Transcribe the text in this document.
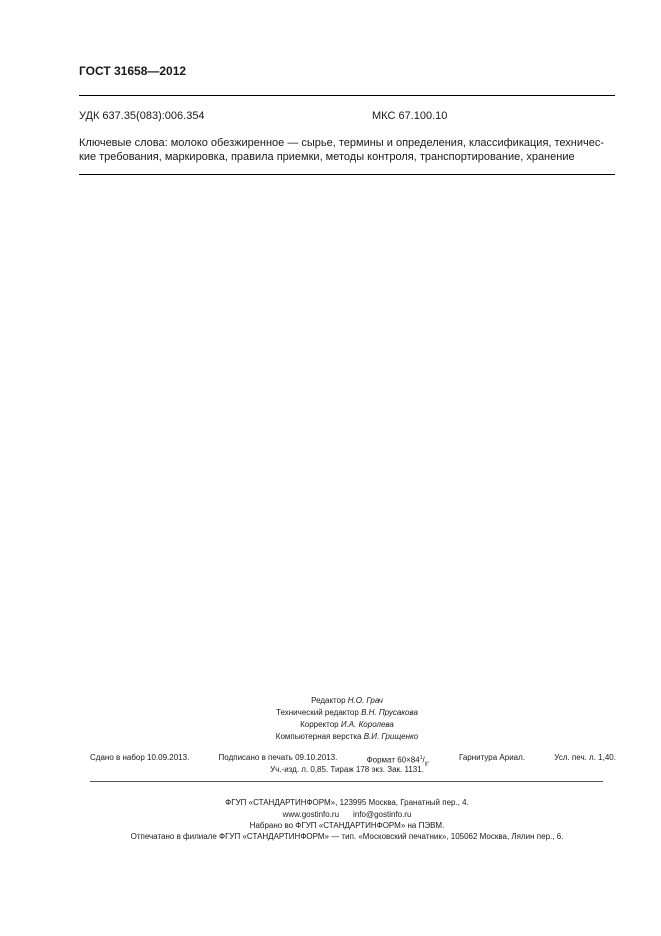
ГОСТ 31658—2012
УДК 637.35(083):006.354	МКС 67.100.10
Ключевые слова: молоко обезжиренное — сырье, термины и определения, классификация, техничес-
кие требования, маркировка, правила приемки, методы контроля, транспортирование, хранение
Редактор Н.О. Грач
Технический редактор В.Н. Прусакова
Корректор И.А. Королева
Компьютерная верстка В.И. Грищенко
Сдано в набор 10.09.2013.	Подписано в печать 09.10.2013.	Формат $60\times 84^1/_8$.	Гарнитура Ариал.	Усл. печ. л. 1,40.
Уч.-изд. л. 0,85. Тираж 178 экз. Зак. 1131.
ФГУП «СТАНДАРТИНФОРМ», 123995 Москва, Гранатный пер., 4.
www.gostinfo.ru info@gostinfo.ru
Набрано во ФГУП «СТАНДАРТИНФОРМ» на ПЭВМ.
Отпечатано в филиале ФГУП «СТАНДАРТИНФОРМ» — тип. «Московский печатник», 105062 Москва, Лялин пер., 6.
